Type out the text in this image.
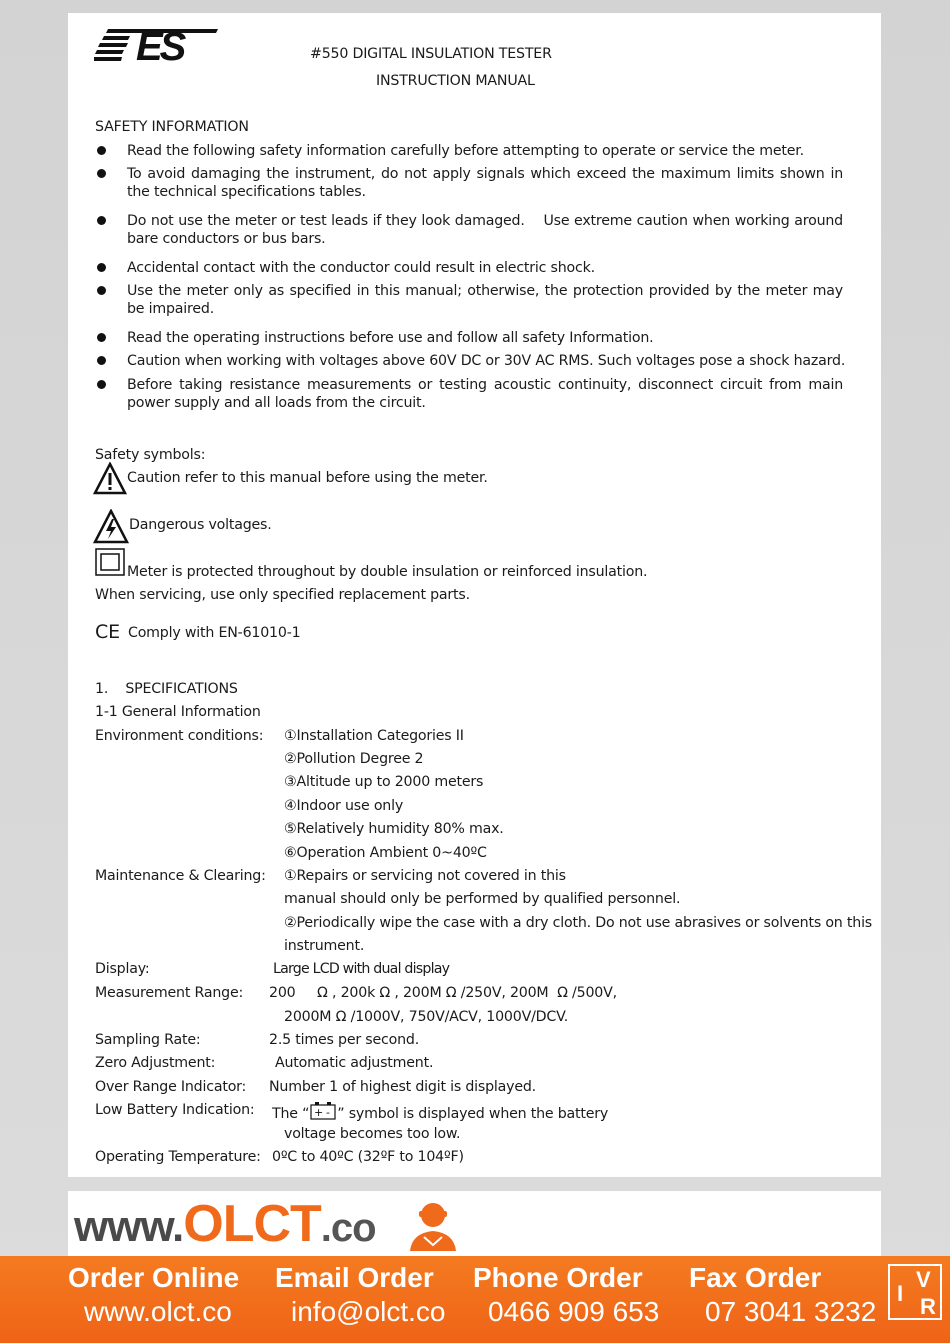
ES	#550 DIGITAL INSULATION TESTER
INSTRUCTION MANUAL
SAFETY INFORMATION
Read the following safety information carefully before attempting to operate or service the meter.
To avoid damaging the instrument, do not apply signals which exceed the maximum limits shown in the technical specifications tables.
Do not use the meter or test leads if they look damaged.    Use extreme caution when working around bare conductors or bus bars.
Accidental contact with the conductor could result in electric shock.
Use the meter only as specified in this manual; otherwise, the protection provided by the meter may be impaired.
Read the operating instructions before use and follow all safety Information.
Caution when working with voltages above 60V DC or 30V AC RMS. Such voltages pose a shock hazard.
Before taking resistance measurements or testing acoustic continuity, disconnect circuit from main power supply and all loads from the circuit.
Safety symbols:
Caution refer to this manual before using the meter.
Dangerous voltages.
Meter is protected throughout by double insulation or reinforced insulation.
When servicing, use only specified replacement parts.
CE Comply with EN-61010-1
1.    SPECIFICATIONS
1-1 General Information
Environment conditions: ①Installation Categories II
②Pollution Degree 2
③Altitude up to 2000 meters
④Indoor use only
⑤Relatively humidity 80% max.
⑥Operation Ambient 0~40ºC
Maintenance & Clearing: ①Repairs or servicing not covered in this
manual should only be performed by qualified personnel.
②Periodically wipe the case with a dry cloth. Do not use abrasives or solvents on this
instrument.
Display:	Large LCD with dual display
Measurement Range: 200     Ω , 200k Ω , 200M Ω /250V, 200M  Ω /500V,
2000M Ω /1000V, 750V/ACV, 1000V/DCV.
Sampling Rate:	2.5 times per second.
Zero Adjustment:	Automatic adjustment.
Over Range Indicator: Number 1 of highest digit is displayed.
Low Battery Indication: The “ + - ” symbol is displayed when the battery
voltage becomes too low.
Operating Temperature: 0ºC to 40ºC (32ºF to 104ºF)
www.OLCT.co
Order Online
www.olct.co
Email Order
info@olct.co
Phone Order
0466 909 653
Fax Order
07 3041 3232
V
I
R
